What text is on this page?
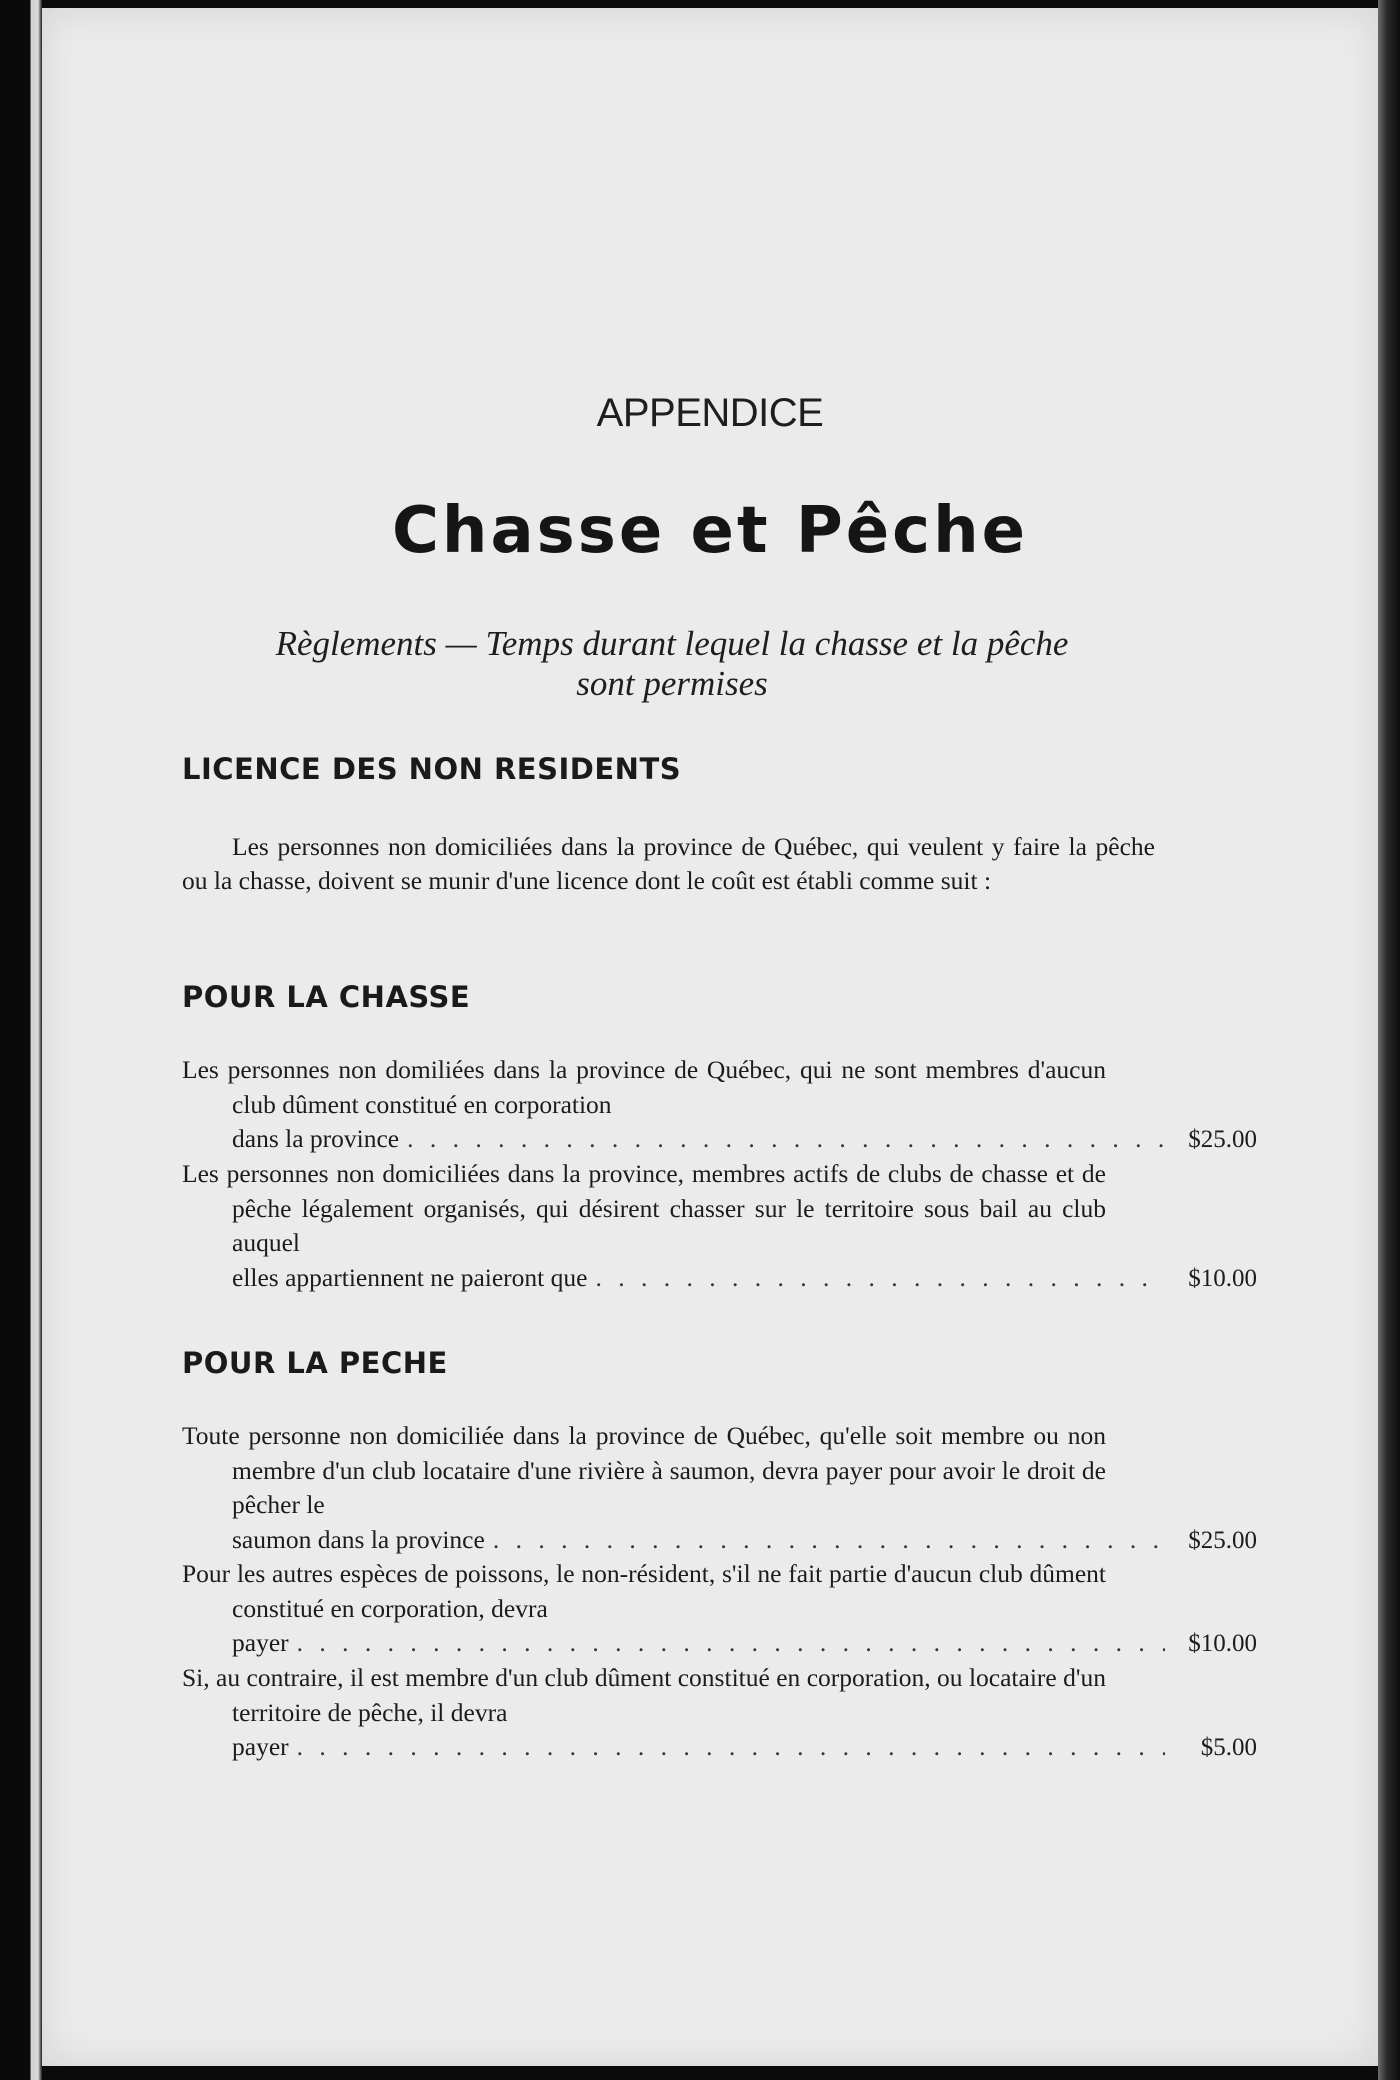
APPENDICE
Chasse et Pêche
Règlements — Temps durant lequel la chasse et la pêche
sont permises
LICENCE DES NON RESIDENTS
Les personnes non domiciliées dans la province de Québec, qui veulent y faire la pêche ou la chasse, doivent se munir d'une licence dont le coût est établi comme suit :
POUR LA CHASSE
Les personnes non domiliées dans la province de Québec, qui ne sont membres d'aucun club dûment constitué en corporation
dans la province . . .	$25.00
Les personnes non domiciliées dans la province, membres actifs de clubs de chasse et de pêche légalement organisés, qui désirent chasser sur le territoire sous bail au club auquel
elles appartiennent ne paieront que . . .	$10.00
POUR LA PECHE
Toute personne non domiciliée dans la province de Québec, qu'elle soit membre ou non membre d'un club locataire d'une rivière à saumon, devra payer pour avoir le droit de pêcher le
saumon dans la province . . .	$25.00
Pour les autres espèces de poissons, le non-résident, s'il ne fait partie d'aucun club dûment constitué en corporation, devra
payer . . .	$10.00
Si, au contraire, il est membre d'un club dûment constitué en corporation, ou locataire d'un territoire de pêche, il devra
payer . . .	$5.00
